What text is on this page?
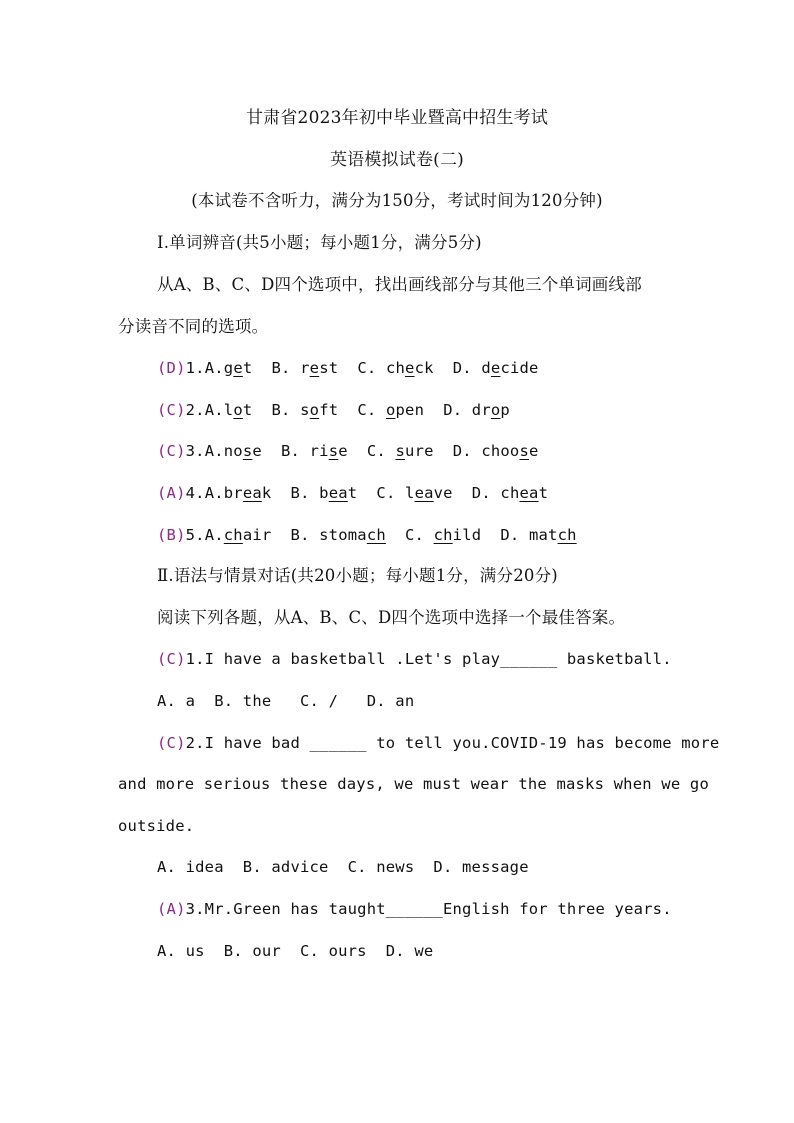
甘肃省2023年初中毕业暨高中招生考试
英语模拟试卷(二)
(本试卷不含听力，满分为150分，考试时间为120分钟)
Ⅰ.单词辨音(共5小题；每小题1分，满分5分)
从A、B、C、D四个选项中，找出画线部分与其他三个单词画线部
分读音不同的选项。
(D)1.A.get B. rest C. check D. decide
(C)2.A.lot B. soft C. open D. drop
(C)3.A.nose B. rise C. sure D. choose
(A)4.A.break B. beat C. leave D. cheat
(B)5.A.chair B. stomach C. child D. match
Ⅱ.语法与情景对话(共20小题；每小题1分，满分20分)
阅读下列各题，从A、B、C、D四个选项中选择一个最佳答案。
(C)1.I have a basketball .Let's play______ basketball.
A. a  B. the   C. /   D. an
(C)2.I have bad ______ to tell you.COVID-19 has become more
and more serious these days, we must wear the masks when we go
outside.
A. idea  B. advice  C. news  D. message
(A)3.Mr.Green has taught______English for three years.
A. us  B. our  C. ours  D. we
